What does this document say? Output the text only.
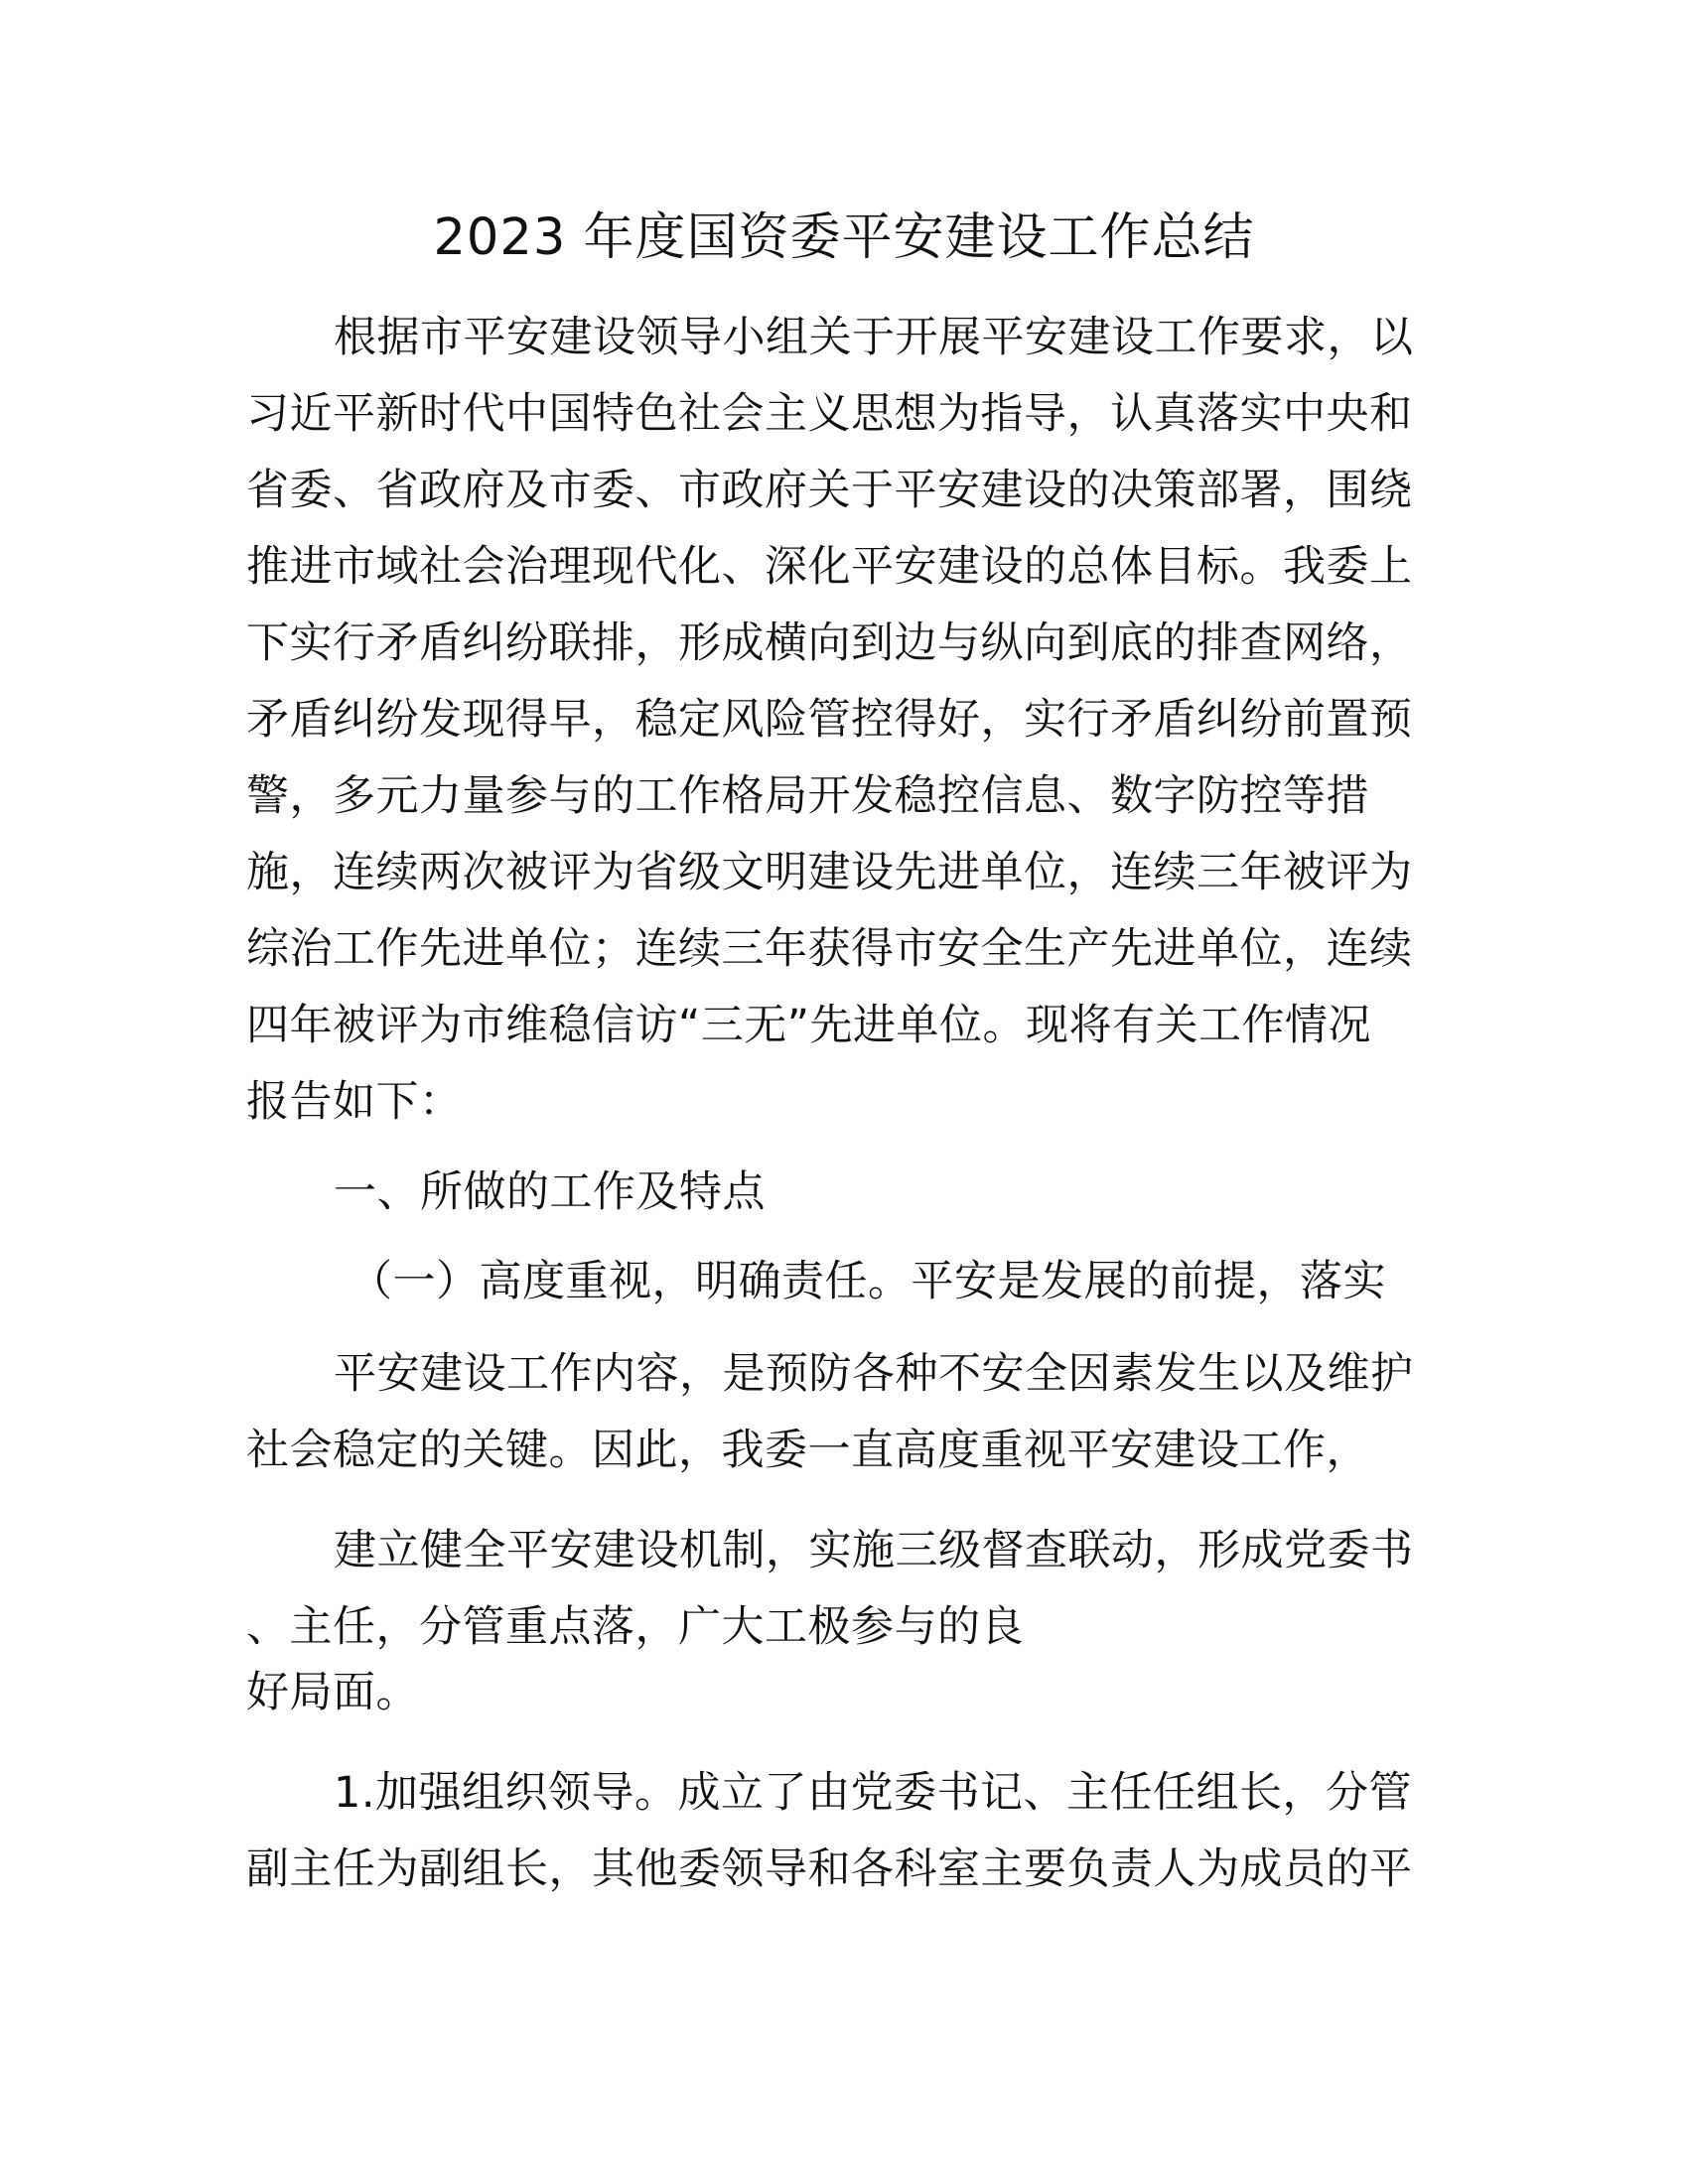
2023 年度国资委平安建设工作总结
根据市平安建设领导小组关于开展平安建设工作要求，以
习近平新时代中国特色社会主义思想为指导，认真落实中央和
省委、省政府及市委、市政府关于平安建设的决策部署，围绕
推进市域社会治理现代化、深化平安建设的总体目标。我委上
下实行矛盾纠纷联排，形成横向到边与纵向到底的排查网络，
矛盾纠纷发现得早，稳定风险管控得好，实行矛盾纠纷前置预
警，多元力量参与的工作格局开发稳控信息、数字防控等措
施，连续两次被评为省级文明建设先进单位，连续三年被评为
综治工作先进单位；连续三年获得市安全生产先进单位，连续
四年被评为市维稳信访“三无”先进单位。现将有关工作情况
报告如下：
一、所做的工作及特点
（一）高度重视，明确责任。平安是发展的前提，落实
平安建设工作内容，是预防各种不安全因素发生以及维护
社会稳定的关键。因此，我委一直高度重视平安建设工作，
建立健全平安建设机制，实施三级督查联动，形成党委书
、主任，分管重点落，广大工极参与的良
好局面。
1.加强组织领导。成立了由党委书记、主任任组长，分管
副主任为副组长，其他委领导和各科室主要负责人为成员的平
